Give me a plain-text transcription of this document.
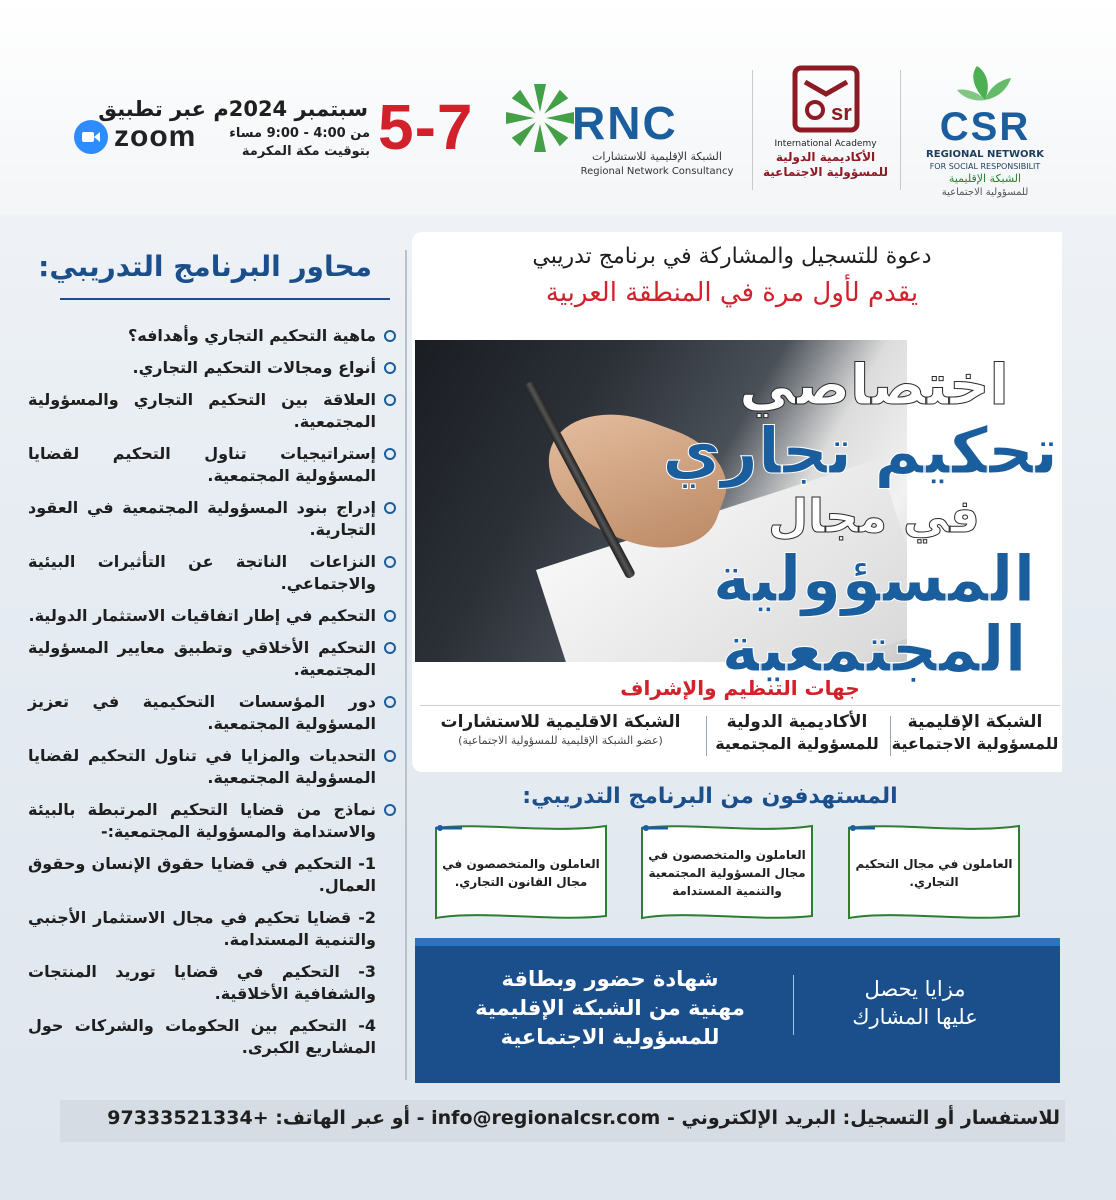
CSR
REGIONAL NETWORK
FOR SOCIAL RESPONSIBILIT
الشبكة الإقليمية
للمسؤولية الاجتماعية
sr
International Academy
الأكاديمية الدولية
للمسؤولية الاجتماعية
RNC
الشبكة الإقليمية للاستشارات
Regional Network Consultancy
5-7
سبتمبر 2024م عبر تطبيق
من 4:00 - 9:00 مساء
بتوقيت مكة المكرمة
zoom
محاور البرنامج التدريبي:
ماهية التحكيم التجاري وأهدافه؟
أنواع ومجالات التحكيم التجاري.
العلاقة بين التحكيم التجاري والمسؤولية المجتمعية.
إستراتيجيات تناول التحكيم لقضايا المسؤولية المجتمعية.
إدراج بنود المسؤولية المجتمعية في العقود التجارية.
النزاعات الناتجة عن التأثيرات البيئية والاجتماعي.
التحكيم في إطار اتفاقيات الاستثمار الدولية.
التحكيم الأخلاقي وتطبيق معايير المسؤولية المجتمعية.
دور المؤسسات التحكيمية في تعزيز المسؤولية المجتمعية.
التحديات والمزايا في تناول التحكيم لقضايا المسؤولية المجتمعية.
نماذج من قضايا التحكيم المرتبطة بالبيئة والاستدامة والمسؤولية المجتمعية:-
1- التحكيم في قضايا حقوق الإنسان وحقوق العمال.
2- قضايا تحكيم في مجال الاستثمار الأجنبي والتنمية المستدامة.
3- التحكيم في قضايا توريد المنتجات والشفافية الأخلاقية.
4- التحكيم بين الحكومات والشركات حول المشاريع الكبرى.
دعوة للتسجيل والمشاركة في برنامج تدريبي
يقدم لأول مرة في المنطقة العربية
اختصاصي
تحكيم تجاري
في مجال
المسؤولية
المجتمعية
جهات التنظيم والإشراف
الشبكة الإقليمية
للمسؤولية الاجتماعية
الأكاديمية الدولية
للمسؤولية المجتمعية
الشبكة الاقليمية للاستشارات
(عضو الشبكة الإقليمية للمسؤولية الاجتماعية)
المستهدفون من البرنامج التدريبي:
العاملون في مجال التحكيم التجاري.
العاملون والمتخصصون في مجال المسؤولية المجتمعية والتنمية المستدامة
العاملون والمتخصصون في مجال القانون التجاري.
مزايا يحصل
عليها المشارك
شهادة حضور وبطاقة
مهنية من الشبكة الإقليمية
للمسؤولية الاجتماعية
للاستفسار أو التسجيل: البريد الإلكتروني - info@regionalcsr.com - أو عبر الهاتف: +97333521334
